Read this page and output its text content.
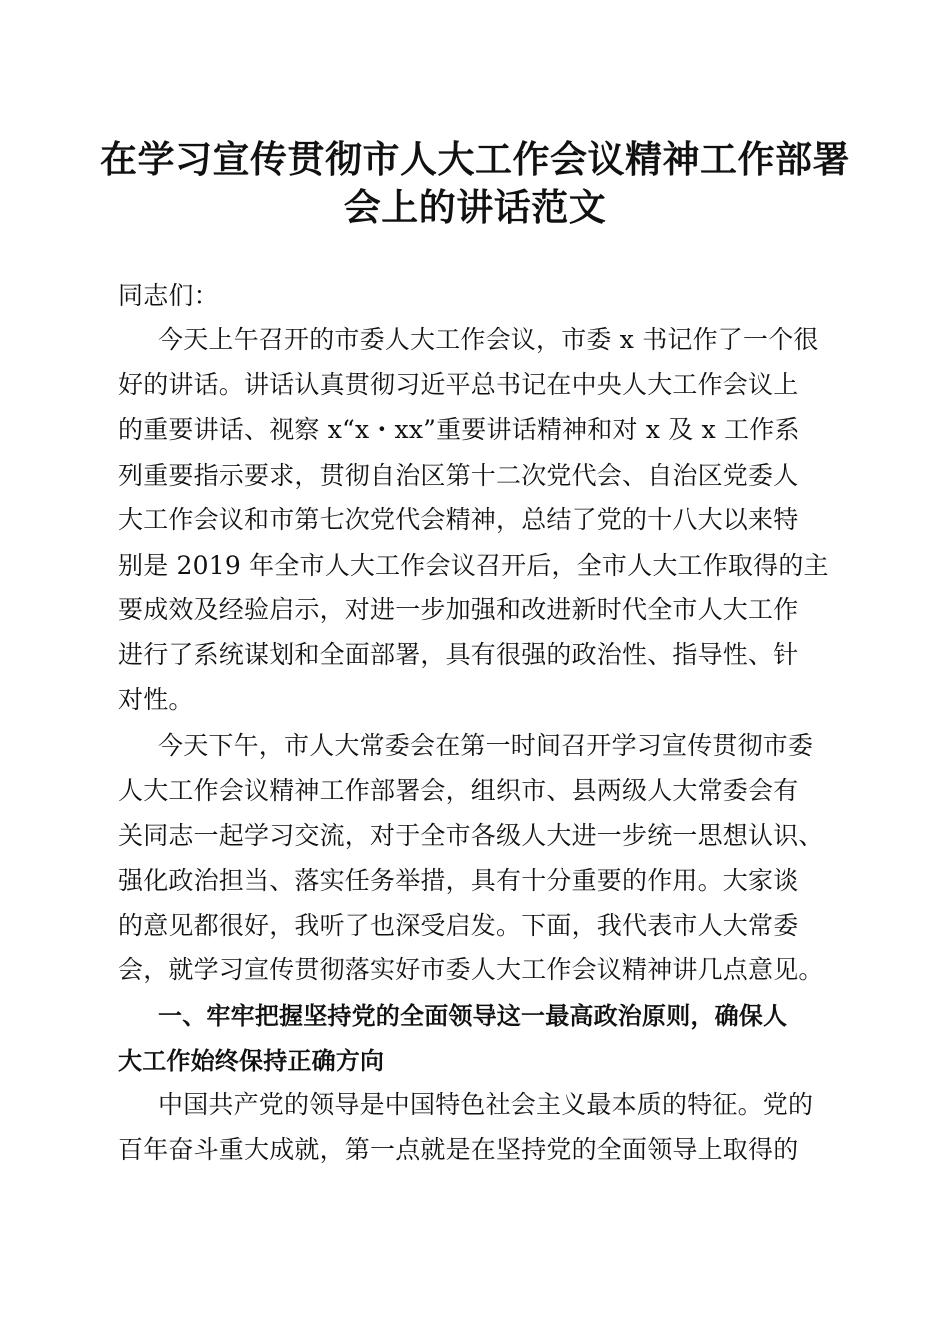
在学习宣传贯彻市人大工作会议精神工作部署
会上的讲话范文
同志们：
今天上午召开的市委人大工作会议，市委 x 书记作了一个很
好的讲话。讲话认真贯彻习近平总书记在中央人大工作会议上
的重要讲话、视察 x“x・xx”重要讲话精神和对 x 及 x 工作系
列重要指示要求，贯彻自治区第十二次党代会、自治区党委人
大工作会议和市第七次党代会精神，总结了党的十八大以来特
别是 2019 年全市人大工作会议召开后，全市人大工作取得的主
要成效及经验启示，对进一步加强和改进新时代全市人大工作
进行了系统谋划和全面部署，具有很强的政治性、指导性、针
对性。
今天下午，市人大常委会在第一时间召开学习宣传贯彻市委
人大工作会议精神工作部署会，组织市、县两级人大常委会有
关同志一起学习交流，对于全市各级人大进一步统一思想认识、
强化政治担当、落实任务举措，具有十分重要的作用。大家谈
的意见都很好，我听了也深受启发。下面，我代表市人大常委
会，就学习宣传贯彻落实好市委人大工作会议精神讲几点意见。
一、牢牢把握坚持党的全面领导这一最高政治原则，确保人
大工作始终保持正确方向
中国共产党的领导是中国特色社会主义最本质的特征。党的
百年奋斗重大成就，第一点就是在坚持党的全面领导上取得的
